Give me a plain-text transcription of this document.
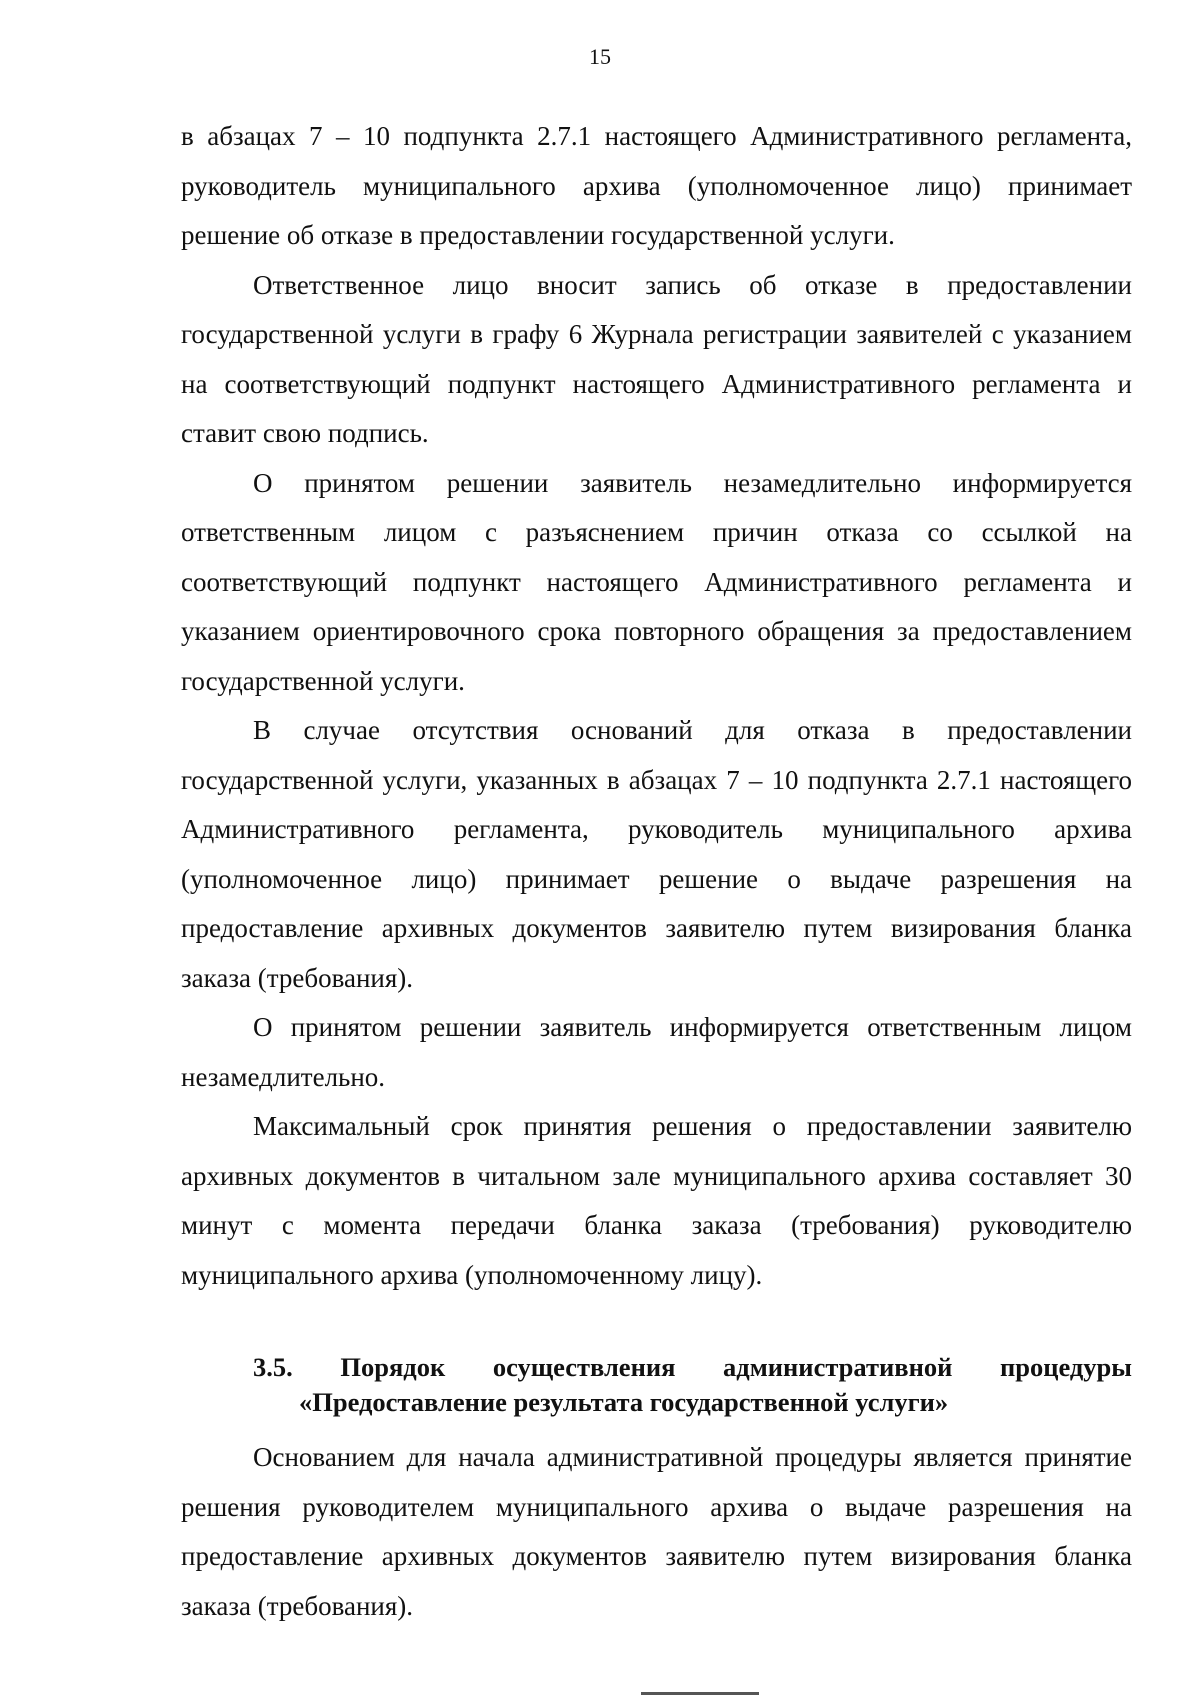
15

в абзацах 7 – 10 подпункта 2.7.1 настоящего Административного регламента, руководитель муниципального архива (уполномоченное лицо) принимает решение об отказе в предоставлении государственной услуги.

Ответственное лицо вносит запись об отказе в предоставлении государственной услуги в графу 6 Журнала регистрации заявителей с указанием на соответствующий подпункт настоящего Административного регламента и ставит свою подпись.

О принятом решении заявитель незамедлительно информируется ответственным лицом с разъяснением причин отказа со ссылкой на соответствующий подпункт настоящего Административного регламента и указанием ориентировочного срока повторного обращения за предоставлением государственной услуги.

В случае отсутствия оснований для отказа в предоставлении государственной услуги, указанных в абзацах 7 – 10 подпункта 2.7.1 настоящего Административного регламента, руководитель муниципального архива (уполномоченное лицо) принимает решение о выдаче разрешения на предоставление архивных документов заявителю путем визирования бланка заказа (требования).

О принятом решении заявитель информируется ответственным лицом незамедлительно.

Максимальный срок принятия решения о предоставлении заявителю архивных документов в читальном зале муниципального архива составляет 30 минут с момента передачи бланка заказа (требования) руководителю муниципального архива (уполномоченному лицу).

3.5. Порядок осуществления административной процедуры
«Предоставление результата государственной услуги»

Основанием для начала административной процедуры является принятие решения руководителем муниципального архива о выдаче разрешения на предоставление архивных документов заявителю путем визирования бланка заказа (требования).
